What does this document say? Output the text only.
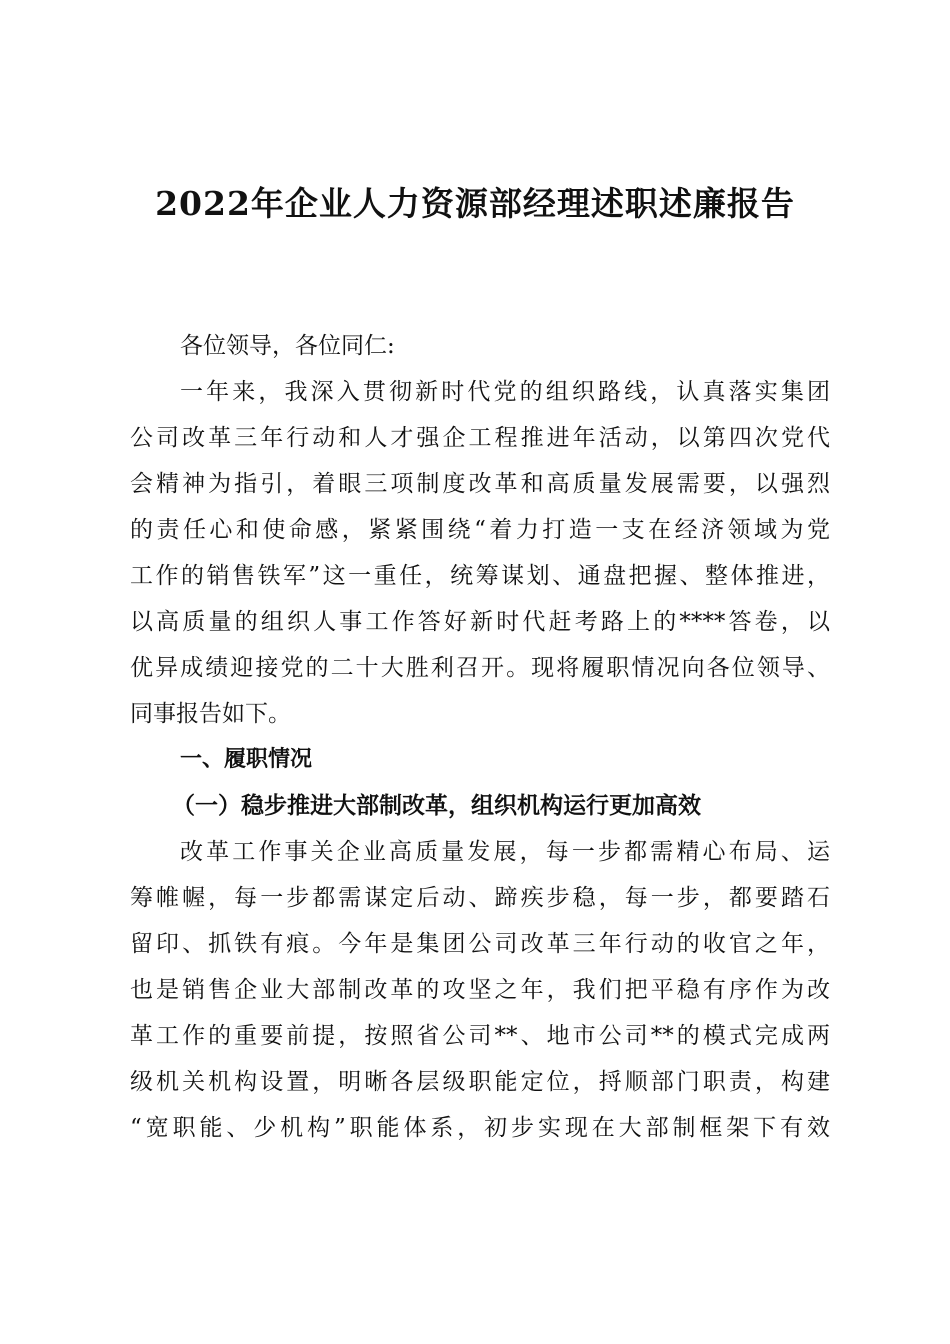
2022年企业人力资源部经理述职述廉报告

各位领导，各位同仁:

一年来，我深入贯彻新时代党的组织路线，认真落实集团

公司改革三年行动和人才强企工程推进年活动，以第四次党代

会精神为指引，着眼三项制度改革和高质量发展需要，以强烈

的责任心和使命感，紧紧围绕“着力打造一支在经济领域为党

工作的销售铁军”这一重任，统筹谋划、通盘把握、整体推进，

以高质量的组织人事工作答好新时代赶考路上的****答卷，以

优异成绩迎接党的二十大胜利召开。现将履职情况向各位领导、

同事报告如下。

一、履职情况

（一）稳步推进大部制改革，组织机构运行更加高效

改革工作事关企业高质量发展，每一步都需精心布局、运

筹帷幄，每一步都需谋定后动、蹄疾步稳，每一步，都要踏石

留印、抓铁有痕。今年是集团公司改革三年行动的收官之年，

也是销售企业大部制改革的攻坚之年，我们把平稳有序作为改

革工作的重要前提，按照省公司**、地市公司**的模式完成两

级机关机构设置，明晰各层级职能定位，捋顺部门职责，构建

“宽职能、少机构”职能体系，初步实现在大部制框架下有效
